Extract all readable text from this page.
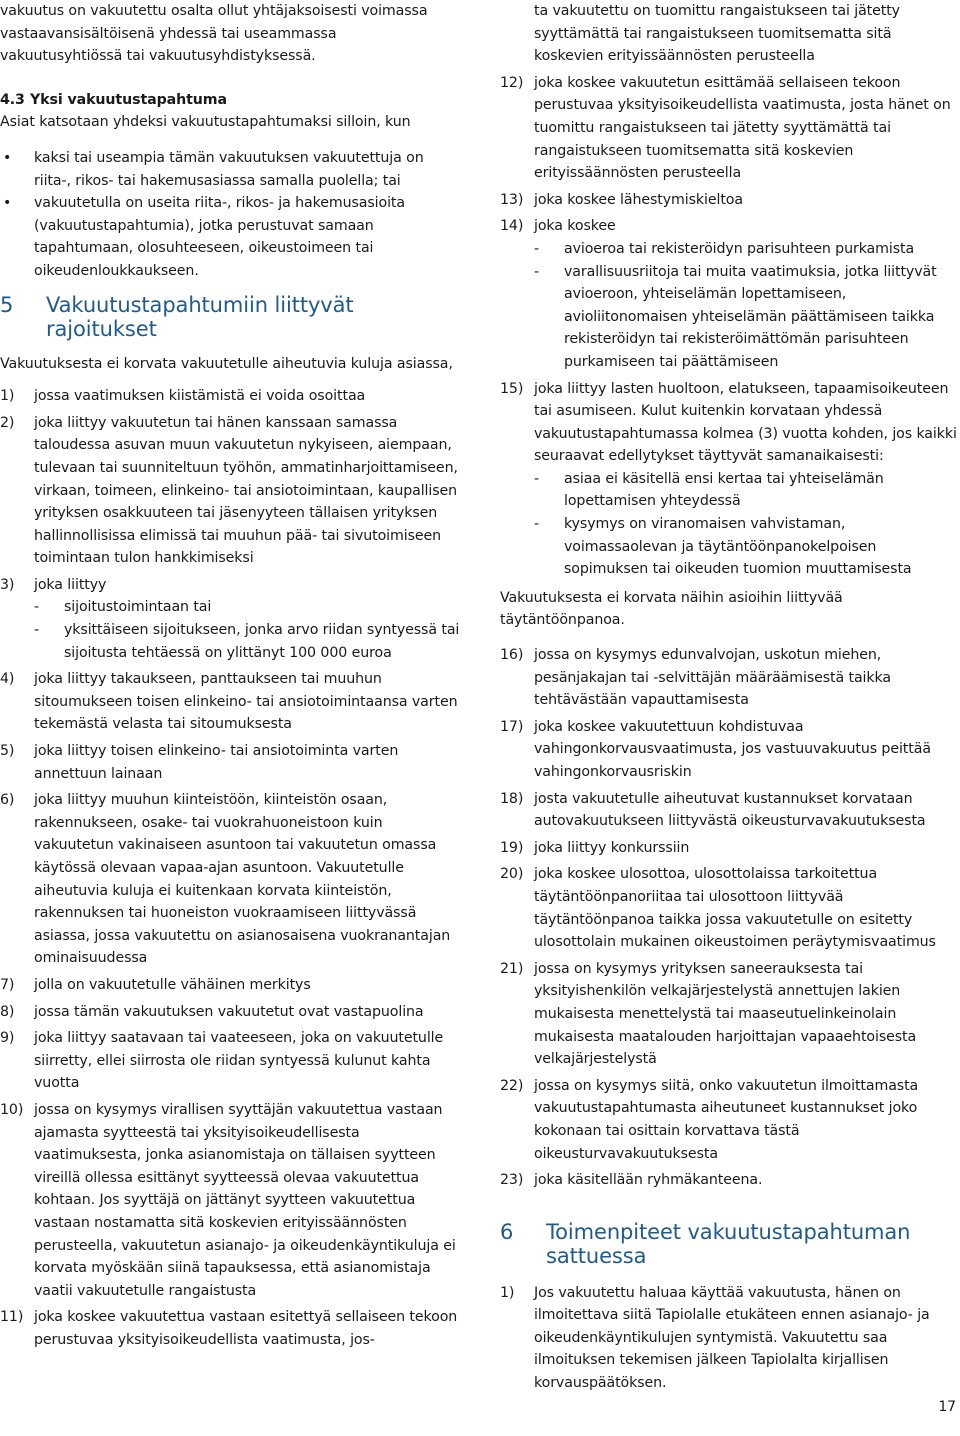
vakuutus on vakuutettu osalta ollut yhtäjaksoisesti voimassa vastaavansisältöisenä yhdessä tai useammassa vakuutusyhtiössä tai vakuutusyhdistyksessä.

4.3 Yksi vakuutustapahtuma

Asiat katsotaan yhdeksi vakuutustapahtumaksi silloin, kun

• kaksi tai useampia tämän vakuutuksen vakuutettuja on riita-, rikos- tai hakemusasiassa samalla puolella; tai
• vakuutetulla on useita riita-, rikos- ja hakemusasioita (vakuutustapahtumia), jotka perustuvat samaan tapahtumaan, olosuhteeseen, oikeustoimeen tai oikeudenloukkaukseen.
5 Vakuutustapahtumiin liittyvät rajoitukset

Vakuutuksesta ei korvata vakuutetulle aiheutuvia kuluja asiassa,

1) jossa vaatimuksen kiistämistä ei voida osoittaa
2) joka liittyy vakuutetun tai hänen kanssaan samassa taloudessa asuvan muun vakuutetun nykyiseen, aiempaan, tulevaan tai suunniteltuun työhön, ammatinharjoittamiseen, virkaan, toimeen, elinkeino- tai ansiotoimintaan, kaupallisen yrityksen osakkuuteen tai jäsenyyteen tällaisen yrityksen hallinnollisissa elimissä tai muuhun pää- tai sivutoimiseen toimintaan tulon hankkimiseksi
3) joka liittyy
- sijoitustoimintaan tai
- yksittäiseen sijoitukseen, jonka arvo riidan syntyessä tai sijoitusta tehtäessä on ylittänyt 100 000 euroa
4) joka liittyy takaukseen, panttaukseen tai muuhun sitoumukseen toisen elinkeino- tai ansiotoimintaansa varten tekemästä velasta tai sitoumuksesta
5) joka liittyy toisen elinkeino- tai ansiotoiminta varten annettuun lainaan
6) joka liittyy muuhun kiinteistöön, kiinteistön osaan, rakennukseen, osake- tai vuokrahuoneistoon kuin vakuutetun vakinaiseen asuntoon tai vakuutetun omassa käytössä olevaan vapaa-ajan asuntoon. Vakuutetulle aiheutuvia kuluja ei kuitenkaan korvata kiinteistön, rakennuksen tai huoneiston vuokraamiseen liittyvässä asiassa, jossa vakuutettu on asianosaisena vuokranantajan ominaisuudessa
7) jolla on vakuutetulle vähäinen merkitys
8) jossa tämän vakuutuksen vakuutetut ovat vastapuolina
9) joka liittyy saatavaan tai vaateeseen, joka on vakuutetulle siirretty, ellei siirrosta ole riidan syntyessä kulunut kahta vuotta
10) jossa on kysymys virallisen syyttäjän vakuutettua vastaan ajamasta syytteestä tai yksityisoikeudellisesta vaatimuksesta, jonka asianomistaja on tällaisen syytteen vireillä ollessa esittänyt syytteessä olevaa vakuutettua kohtaan. Jos syyttäjä on jättänyt syytteen vakuutettua vastaan nostamatta sitä koskevien erityissäännösten perusteella, vakuutetun asianajo- ja oikeudenkäyntikuluja ei korvata myöskään siinä tapauksessa, että asianomistaja vaatii vakuutetulle rangaistusta
11) joka koskee vakuutettua vastaan esitettyä sellaiseen tekoon perustuvaa yksityisoikeudellista vaatimusta, jos-

ta vakuutettu on tuomittu rangaistukseen tai jätetty syyttämättä tai rangaistukseen tuomitsematta sitä koskevien erityissäännösten perusteella

12) joka koskee vakuutetun esittämää sellaiseen tekoon perustuvaa yksityisoikeudellista vaatimusta, josta hänet on tuomittu rangaistukseen tai jätetty syyttämättä tai rangaistukseen tuomitsematta sitä koskevien erityissäännösten perusteella
13) joka koskee lähestymiskieltoa
14) joka koskee
- avioeroa tai rekisteröidyn parisuhteen purkamista
- varallisuusriitoja tai muita vaatimuksia, jotka liittyvät avioeroon, yhteiselämän lopettamiseen, avioliitonomaisen yhteiselämän päättämiseen taikka rekisteröidyn tai rekisteröimättömän parisuhteen purkamiseen tai päättämiseen
15) joka liittyy lasten huoltoon, elatukseen, tapaamisoikeuteen tai asumiseen. Kulut kuitenkin korvataan yhdessä vakuutustapahtumassa kolmea (3) vuotta kohden, jos kaikki seuraavat edellytykset täyttyvät samanaikaisesti:
- asiaa ei käsitellä ensi kertaa tai yhteiselämän lopettamisen yhteydessä
- kysymys on viranomaisen vahvistaman, voimassaolevan ja täytäntöönpanokelpoisen sopimuksen tai oikeuden tuomion muuttamisesta

Vakuutuksesta ei korvata näihin asioihin liittyvää täytäntöönpanoa.

16) jossa on kysymys edunvalvojan, uskotun miehen, pesänjakajan tai -selvittäjän määräämisestä taikka tehtävästään vapauttamisesta
17) joka koskee vakuutettuun kohdistuvaa vahingonkorvausvaatimusta, jos vastuuvakuutus peittää vahingonkorvausriskin
18) josta vakuutetulle aiheutuvat kustannukset korvataan autovakuutukseen liittyvästä oikeusturvavakuutuksesta
19) joka liittyy konkurssiin
20) joka koskee ulosottoa, ulosottolaissa tarkoitettua täytäntöönpanoriitaa tai ulosottoon liittyvää täytäntöönpanoa taikka jossa vakuutetulle on esitetty ulosottolain mukainen oikeustoimen peräytymisvaatimus
21) jossa on kysymys yrityksen saneerauksesta tai yksityishenkilön velkajärjestelystä annettujen lakien mukaisesta menettelystä tai maaseutuelinkeinolain mukaisesta maatalouden harjoittajan vapaaehtoisesta velkajärjestelystä
22) jossa on kysymys siitä, onko vakuutetun ilmoittamasta vakuutustapahtumasta aiheutuneet kustannukset joko kokonaan tai osittain korvattava tästä oikeusturvavakuutuksesta
23) joka käsitellään ryhmäkanteena.
6 Toimenpiteet vakuutustapahtuman sattuessa
1) Jos vakuutettu haluaa käyttää vakuutusta, hänen on ilmoitettava siitä Tapiolalle etukäteen ennen asianajo- ja oikeudenkäyntikulujen syntymistä. Vakuutettu saa ilmoituksen tekemisen jälkeen Tapiolalta kirjallisen korvauspäätöksen.
17
